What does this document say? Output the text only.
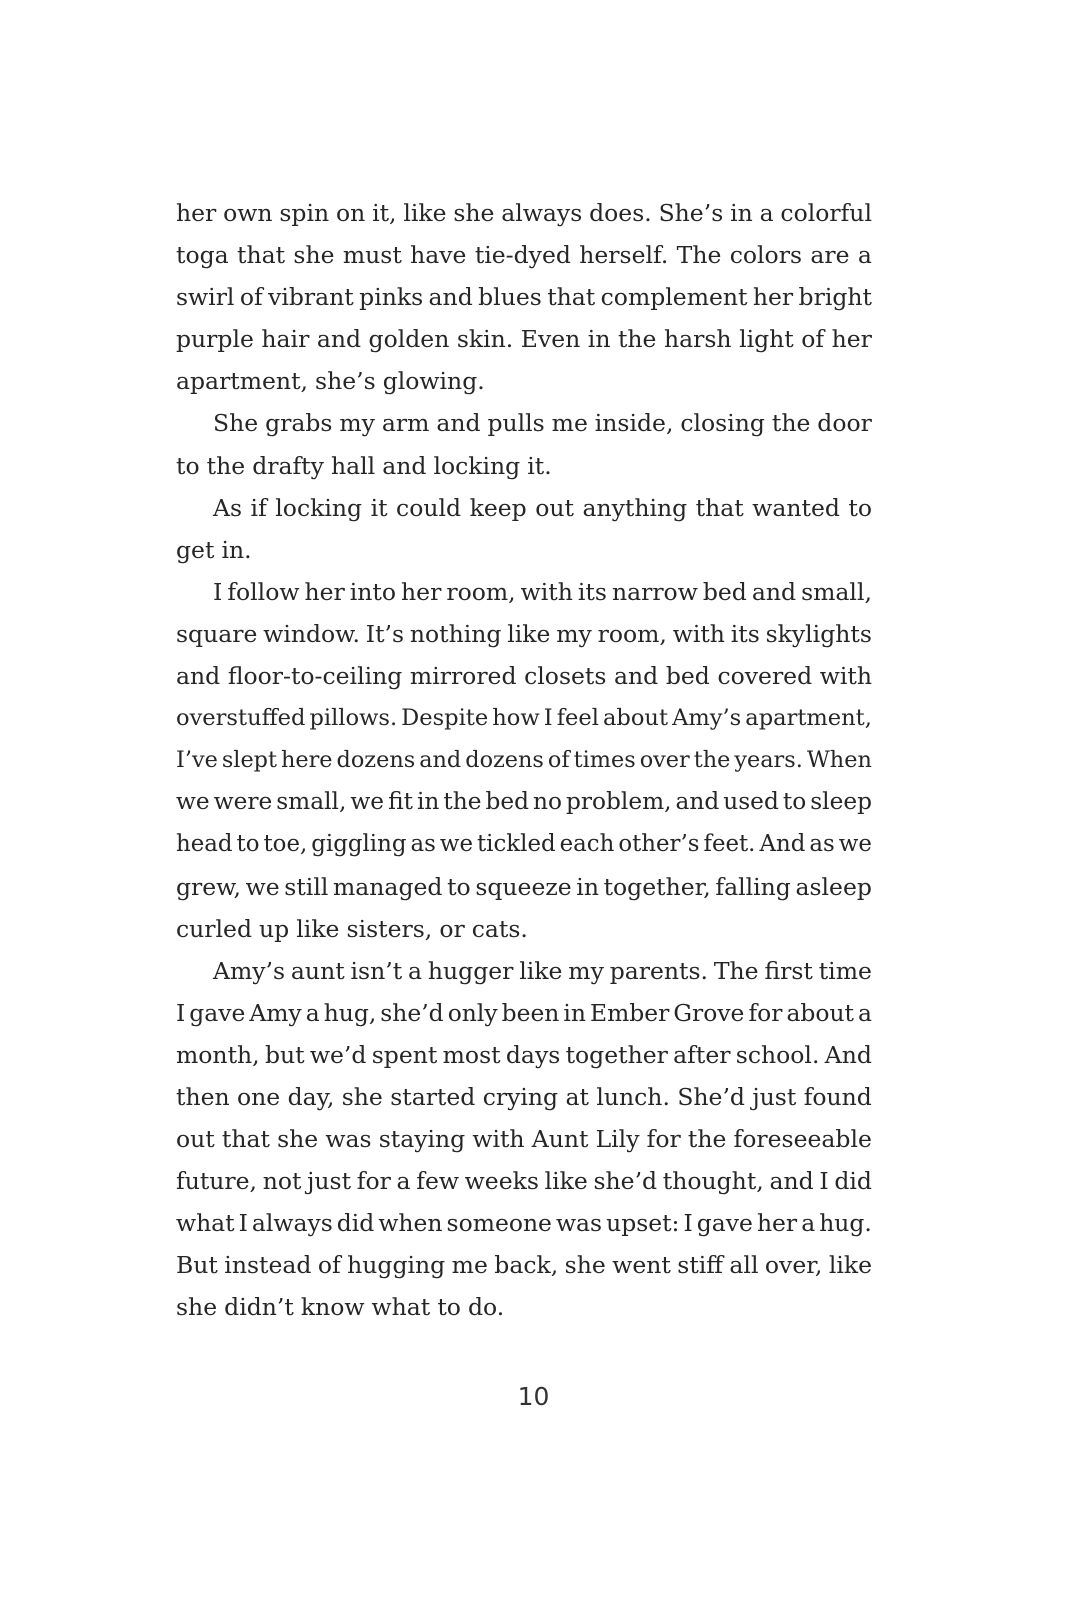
her own spin on it, like she always does. She’s in a colorful
toga that she must have tie-dyed herself. The colors are a
swirl of vibrant pinks and blues that complement her bright
purple hair and golden skin. Even in the harsh light of her
apartment, she’s glowing.
She grabs my arm and pulls me inside, closing the door
to the drafty hall and locking it.
As if locking it could keep out anything that wanted to
get in.
I follow her into her room, with its narrow bed and small,
square window. It’s nothing like my room, with its skylights
and floor-to-ceiling mirrored closets and bed covered with
overstuffed pillows. Despite how I feel about Amy’s apartment,
I’ve slept here dozens and dozens of times over the years. When
we were small, we fit in the bed no problem, and used to sleep
head to toe, giggling as we tickled each other’s feet. And as we
grew, we still managed to squeeze in together, falling asleep
curled up like sisters, or cats.
Amy’s aunt isn’t a hugger like my parents. The first time
I gave Amy a hug, she’d only been in Ember Grove for about a
month, but we’d spent most days together after school. And
then one day, she started crying at lunch. She’d just found
out that she was staying with Aunt Lily for the foreseeable
future, not just for a few weeks like she’d thought, and I did
what I always did when someone was upset: I gave her a hug.
But instead of hugging me back, she went stiff all over, like
she didn’t know what to do.
10
